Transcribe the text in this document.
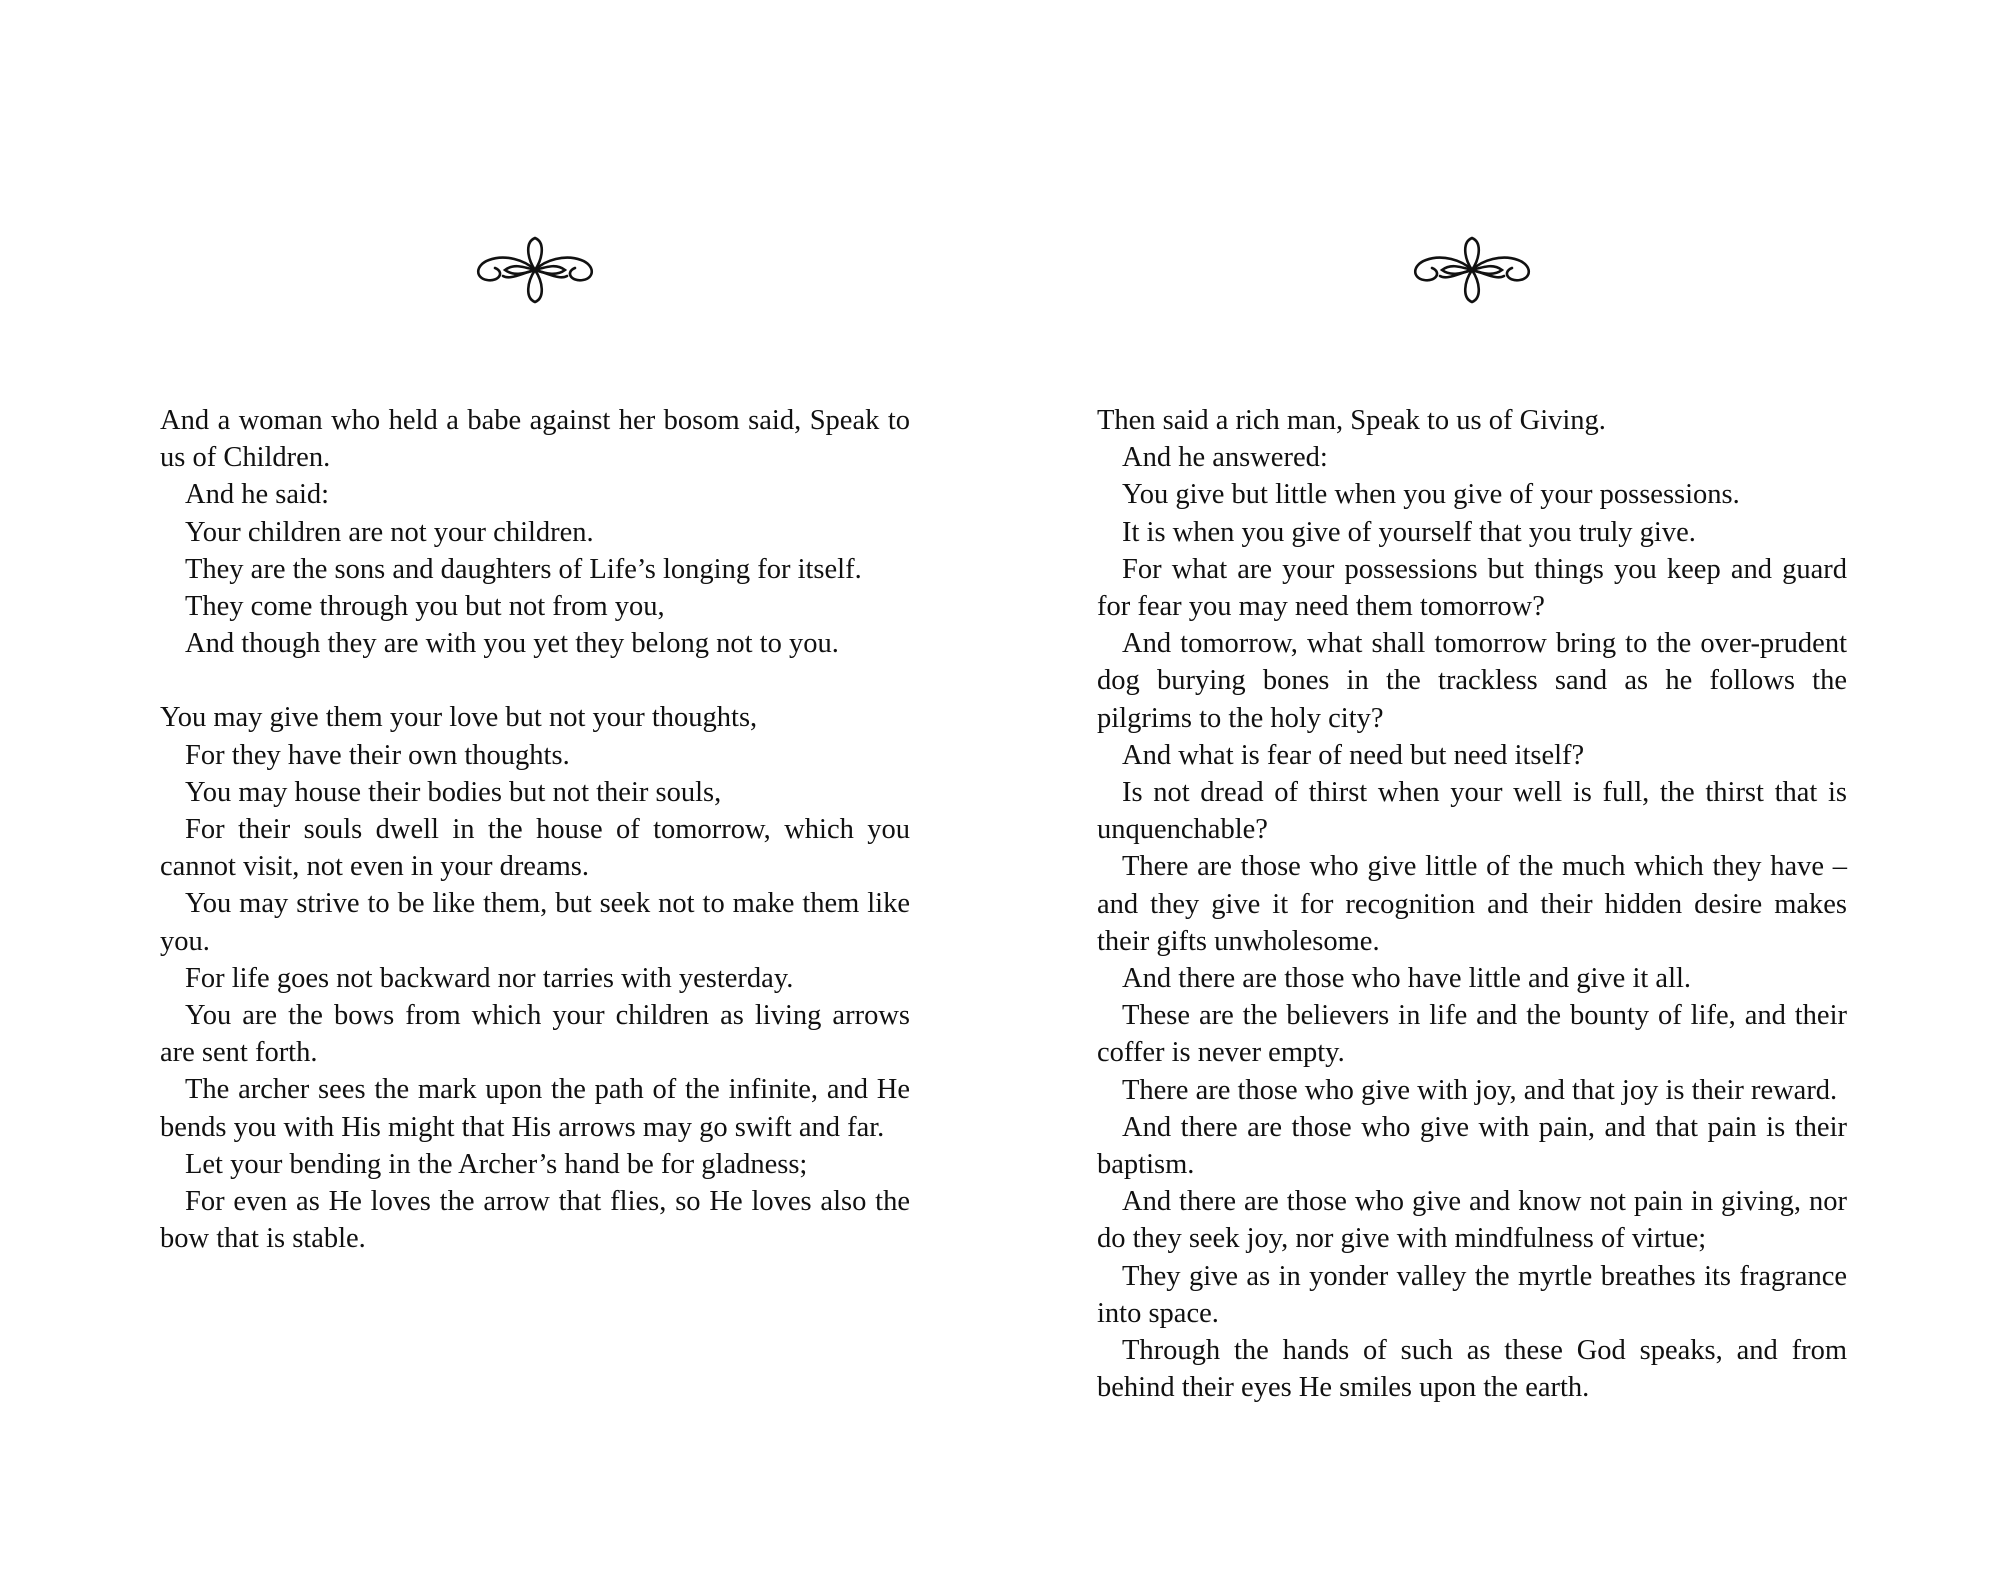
And a woman who held a babe against her bosom said, Speak to us of Children.

And he said:

Your children are not your children.

They are the sons and daughters of Life’s longing for itself.

They come through you but not from you,

And though they are with you yet they belong not to you.

You may give them your love but not your thoughts,

For they have their own thoughts.

You may house their bodies but not their souls,

For their souls dwell in the house of tomorrow, which you cannot visit, not even in your dreams.

You may strive to be like them, but seek not to make them like you.

For life goes not backward nor tarries with yesterday.

You are the bows from which your children as living arrows are sent forth.

The archer sees the mark upon the path of the infinite, and He bends you with His might that His arrows may go swift and far.

Let your bending in the Archer’s hand be for gladness;

For even as He loves the arrow that flies, so He loves also the bow that is stable.

Then said a rich man, Speak to us of Giving.

And he answered:

You give but little when you give of your possessions.

It is when you give of yourself that you truly give.

For what are your possessions but things you keep and guard for fear you may need them tomorrow?

And tomorrow, what shall tomorrow bring to the over-prudent dog burying bones in the trackless sand as he follows the pilgrims to the holy city?

And what is fear of need but need itself?

Is not dread of thirst when your well is full, the thirst that is unquenchable?

There are those who give little of the much which they have – and they give it for recognition and their hidden desire makes their gifts unwholesome.

And there are those who have little and give it all.

These are the believers in life and the bounty of life, and their coffer is never empty.

There are those who give with joy, and that joy is their reward.

And there are those who give with pain, and that pain is their baptism.

And there are those who give and know not pain in giving, nor do they seek joy, nor give with mindfulness of virtue;

They give as in yonder valley the myrtle breathes its fragrance into space.

Through the hands of such as these God speaks, and from behind their eyes He smiles upon the earth.
